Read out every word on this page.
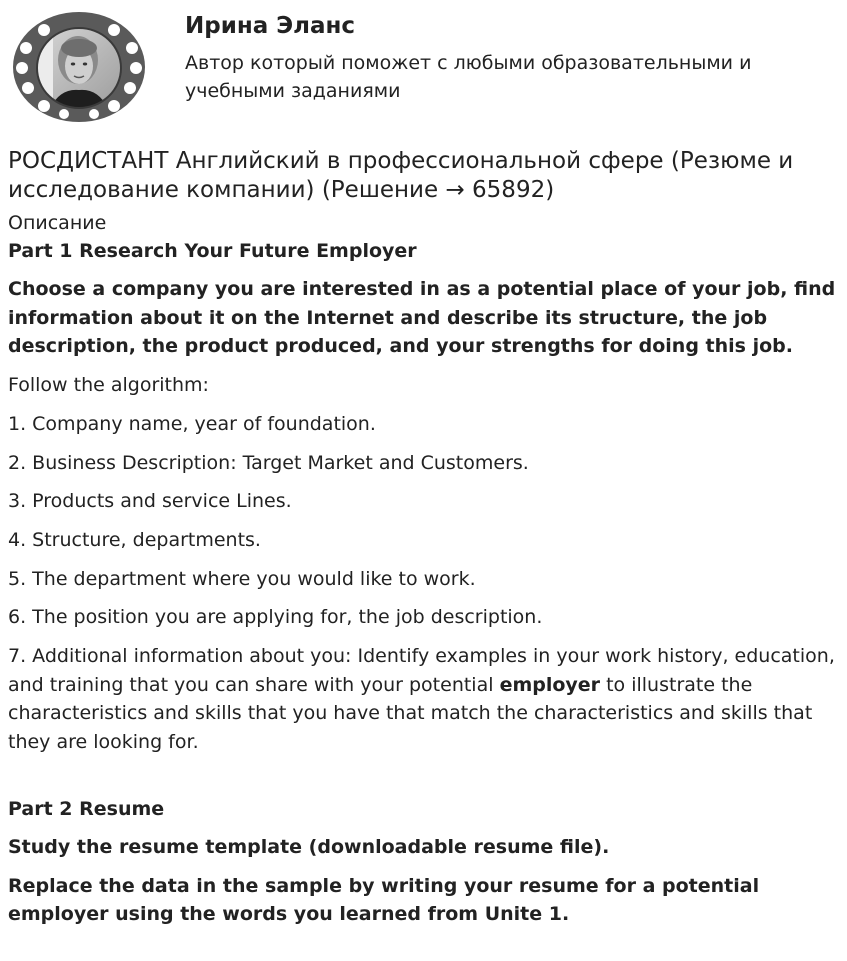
Ирина Эланс
Автор который поможет с любыми образовательными и учебными заданиями
РОСДИСТАНТ Английский в профессиональной сфере (Резюме и исследование компании) (Решение → 65892)
Описание
Part 1 Research Your Future Employer

Choose a company you are interested in as a potential place of your job, find information about it on the Internet and describe its structure, the job description, the product produced, and your strengths for doing this job.

Follow the algorithm:

1. Company name, year of foundation.

2. Business Description: Target Market and Customers.

3. Products and service Lines.

4. Structure, departments.

5. The department where you would like to work.

6. The position you are applying for, the job description.

7. Additional information about you: Identify examples in your work history, education, and training that you can share with your potential employer to illustrate the characteristics and skills that you have that match the characteristics and skills that they are looking for.

Part 2 Resume

Study the resume template (downloadable resume file).

Replace the data in the sample by writing your resume for a potential employer using the words you learned from Unite 1.
